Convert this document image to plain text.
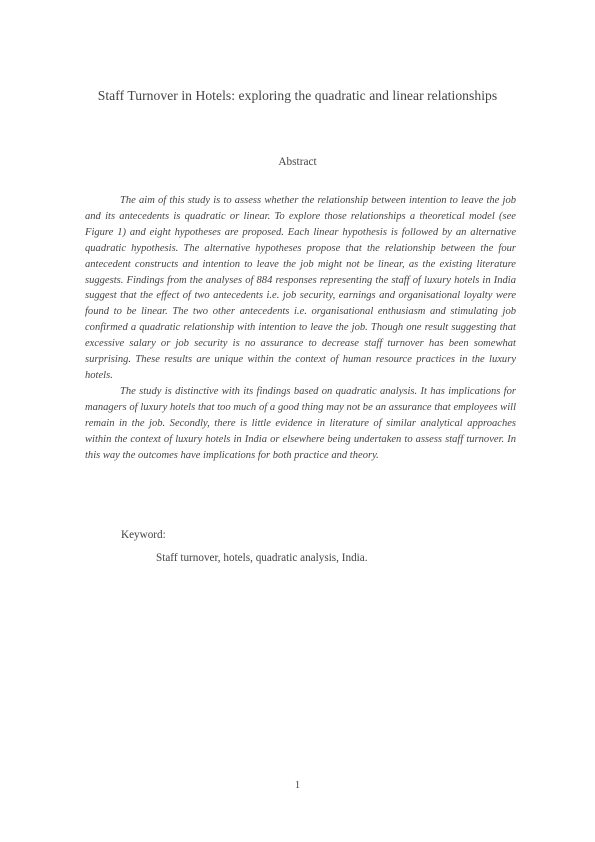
Staff Turnover in Hotels: exploring the quadratic and linear relationships
Abstract

The aim of this study is to assess whether the relationship between intention to leave the job and its antecedents is quadratic or linear. To explore those relationships a theoretical model (see Figure 1) and eight hypotheses are proposed. Each linear hypothesis is followed by an alternative quadratic hypothesis. The alternative hypotheses propose that the relationship between the four antecedent constructs and intention to leave the job might not be linear, as the existing literature suggests. Findings from the analyses of 884 responses representing the staff of luxury hotels in India suggest that the effect of two antecedents i.e. job security, earnings and organisational loyalty were found to be linear. The two other antecedents i.e. organisational enthusiasm and stimulating job confirmed a quadratic relationship with intention to leave the job. Though one result suggesting that excessive salary or job security is no assurance to decrease staff turnover has been somewhat surprising. These results are unique within the context of human resource practices in the luxury hotels.

The study is distinctive with its findings based on quadratic analysis. It has implications for managers of luxury hotels that too much of a good thing may not be an assurance that employees will remain in the job. Secondly, there is little evidence in literature of similar analytical approaches within the context of luxury hotels in India or elsewhere being undertaken to assess staff turnover. In this way the outcomes have implications for both practice and theory.

Keyword:
Staff turnover, hotels, quadratic analysis, India.
1
